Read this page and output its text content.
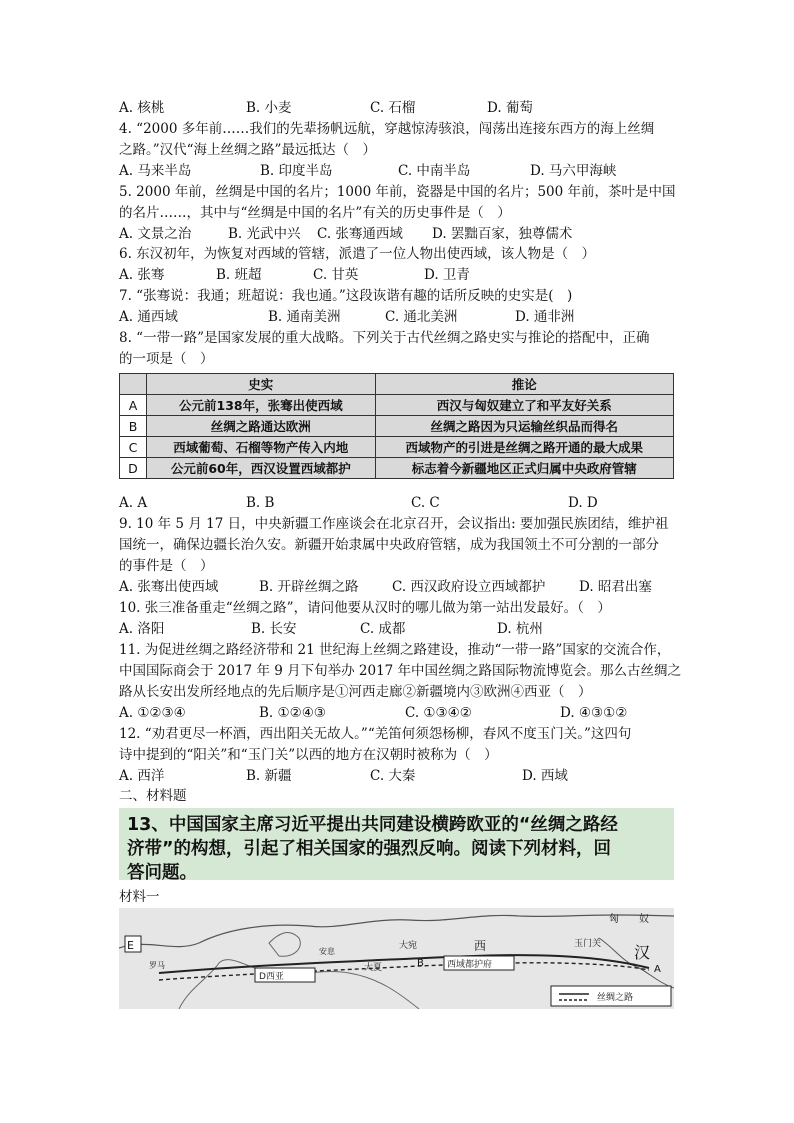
A. 核桃	B. 小麦	C. 石榴	D. 葡萄
4. “2000 多年前……我们的先辈扬帆远航，穿越惊涛骇浪，闯荡出连接东西方的海上丝绸
之路。”汉代“海上丝绸之路”最远抵达（　）
A. 马来半岛	B. 印度半岛	C. 中南半岛	D. 马六甲海峡
5. 2000 年前，丝绸是中国的名片；1000 年前，瓷器是中国的名片；500 年前，茶叶是中国
的名片……，其中与“丝绸是中国的名片”有关的历史事件是（　）
A. 文景之治	B. 光武中兴 C. 张骞通西域 D. 罢黜百家，独尊儒术
6. 东汉初年，为恢复对西域的管辖，派遣了一位人物出使西域，该人物是（　）
A. 张骞	B. 班超	C. 甘英	D. 卫青
7. “张骞说：我通；班超说：我也通。”这段诙谐有趣的话所反映的史实是(　)
A. 通西域	B. 通南美洲	C. 通北美洲	D. 通非洲
8. “一带一路”是国家发展的重大战略。下列关于古代丝绸之路史实与推论的搭配中，正确
的一项是（　）
	史实	推论
A	公元前138年，张骞出使西域	西汉与匈奴建立了和平友好关系
B	丝绸之路通达欧洲	丝绸之路因为只运输丝织品而得名
C	西域葡萄、石榴等物产传入内地	西域物产的引进是丝绸之路开通的最大成果
D	公元前60年，西汉设置西域都护	标志着今新疆地区正式归属中央政府管辖
A. A	B. B	C. C	D. D
9. 10 年 5 月 17 日，中央新疆工作座谈会在北京召开，会议指出: 要加强民族团结，维护祖
国统一，确保边疆长治久安。新疆开始隶属中央政府管辖，成为我国领土不可分割的一部分
的事件是（　）
A. 张骞出使西域	B. 开辟丝绸之路 C. 西汉政府设立西域都护 D. 昭君出塞
10. 张三准备重走“丝绸之路”，请问他要从汉时的哪儿做为第一站出发最好。（　）
A. 洛阳	B. 长安	C. 成都	D. 杭州
11. 为促进丝绸之路经济带和 21 世纪海上丝绸之路建设，推动“一带一路”国家的交流合作，
中国国际商会于 2017 年 9 月下旬举办 2017 年中国丝绸之路国际物流博览会。那么古丝绸之
路从长安出发所经地点的先后顺序是①河西走廊②新疆境内③欧洲④西亚（　）
A. ①②③④	B. ①②④③	C. ①③④②	D. ④③①②
12. “劝君更尽一杯酒，西出阳关无故人。”“羌笛何须怨杨柳，春风不度玉门关。”这四句
诗中提到的“阳关”和“玉门关”以西的地方在汉朝时被称为（　）
A. 西洋	B. 新疆	C. 大秦	D. 西域
二、材料题
13、中国国家主席习近平提出共同建设横跨欧亚的“丝绸之路经
济带”的构想，引起了相关国家的强烈反响。阅读下列材料，回
答问题。
材料一
E
匈　　奴
玉门关 汉
A
西
大宛
大夏	西域都护府
B
D西亚
罗马
安息
丝绸之路
